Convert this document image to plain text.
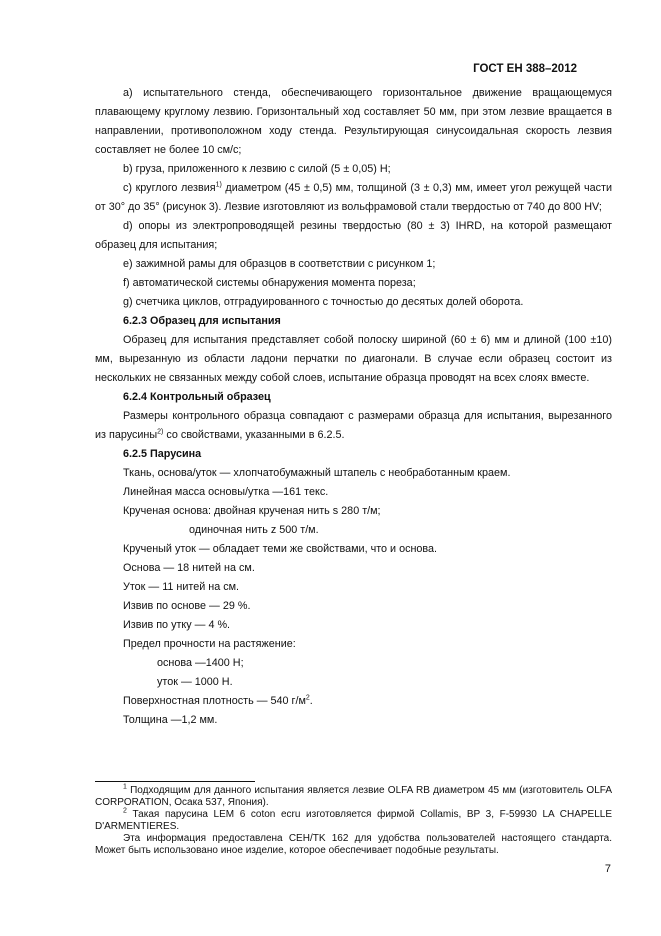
ГОСТ ЕН 388–2012

a) испытательного стенда, обеспечивающего горизонтальное движение вращающемуся плавающему круглому лезвию. Горизонтальный ход составляет 50 мм, при этом лезвие вращается в направлении, противоположном ходу стенда. Результирующая синусоидальная скорость лезвия составляет не более 10 см/с;

b) груза, приложенного к лезвию с силой (5 ± 0,05) Н;

c) круглого лезвия$^{1)}$ диаметром (45 ± 0,5) мм, толщиной (3 ± 0,3) мм, имеет угол режущей части от 30° до 35° (рисунок 3). Лезвие изготовляют из вольфрамовой стали твердостью от 740 до 800 HV;

d) опоры из электропроводящей резины твердостью (80 ± 3) IHRD, на которой размещают образец для испытания;

e) зажимной рамы для образцов в соответствии с рисунком 1;

f) автоматической системы обнаружения момента пореза;

g) счетчика циклов, отградуированного с точностью до десятых долей оборота.

6.2.3 Образец для испытания

Образец для испытания представляет собой полоску шириной (60 ± 6) мм и длиной (100 ±10) мм, вырезанную из области ладони перчатки по диагонали. В случае если образец состоит из нескольких не связанных между собой слоев, испытание образца проводят на всех слоях вместе.

6.2.4 Контрольный образец

Размеры контрольного образца совпадают с размерами образца для испытания, вырезанного из парусины$^{2)}$ со свойствами, указанными в 6.2.5.

6.2.5 Парусина

Ткань, основа/уток — хлопчатобумажный штапель с необработанным краем.

Линейная масса основы/утка —161 текс.

Крученая основа: двойная крученая нить s 280 т/м;

одиночная нить z 500 т/м.

Крученый уток — обладает теми же свойствами, что и основа.

Основа — 18 нитей на см.

Уток — 11 нитей на см.

Извив по основе — 29 %.

Извив по утку — 4 %.

Предел прочности на растяжение:

основа —1400 Н;

уток — 1000 Н.

Поверхностная плотность — 540 $г/м^2$.

Толщина —1,2 мм.

$^1$ Подходящим для данного испытания является лезвие OLFA RB диаметром 45 мм (изготовитель OLFA CORPORATION, Осака 537, Япония).

$^2$ Такая парусина LEM 6 coton ecru изготовляется фирмой Collamis, BP 3, F-59930 LA CHAPELLE D'ARMENTIERES.

Эта информация предоставлена CEH/TK 162 для удобства пользователей настоящего стандарта. Может быть использовано иное изделие, которое обеспечивает подобные результаты.

7
